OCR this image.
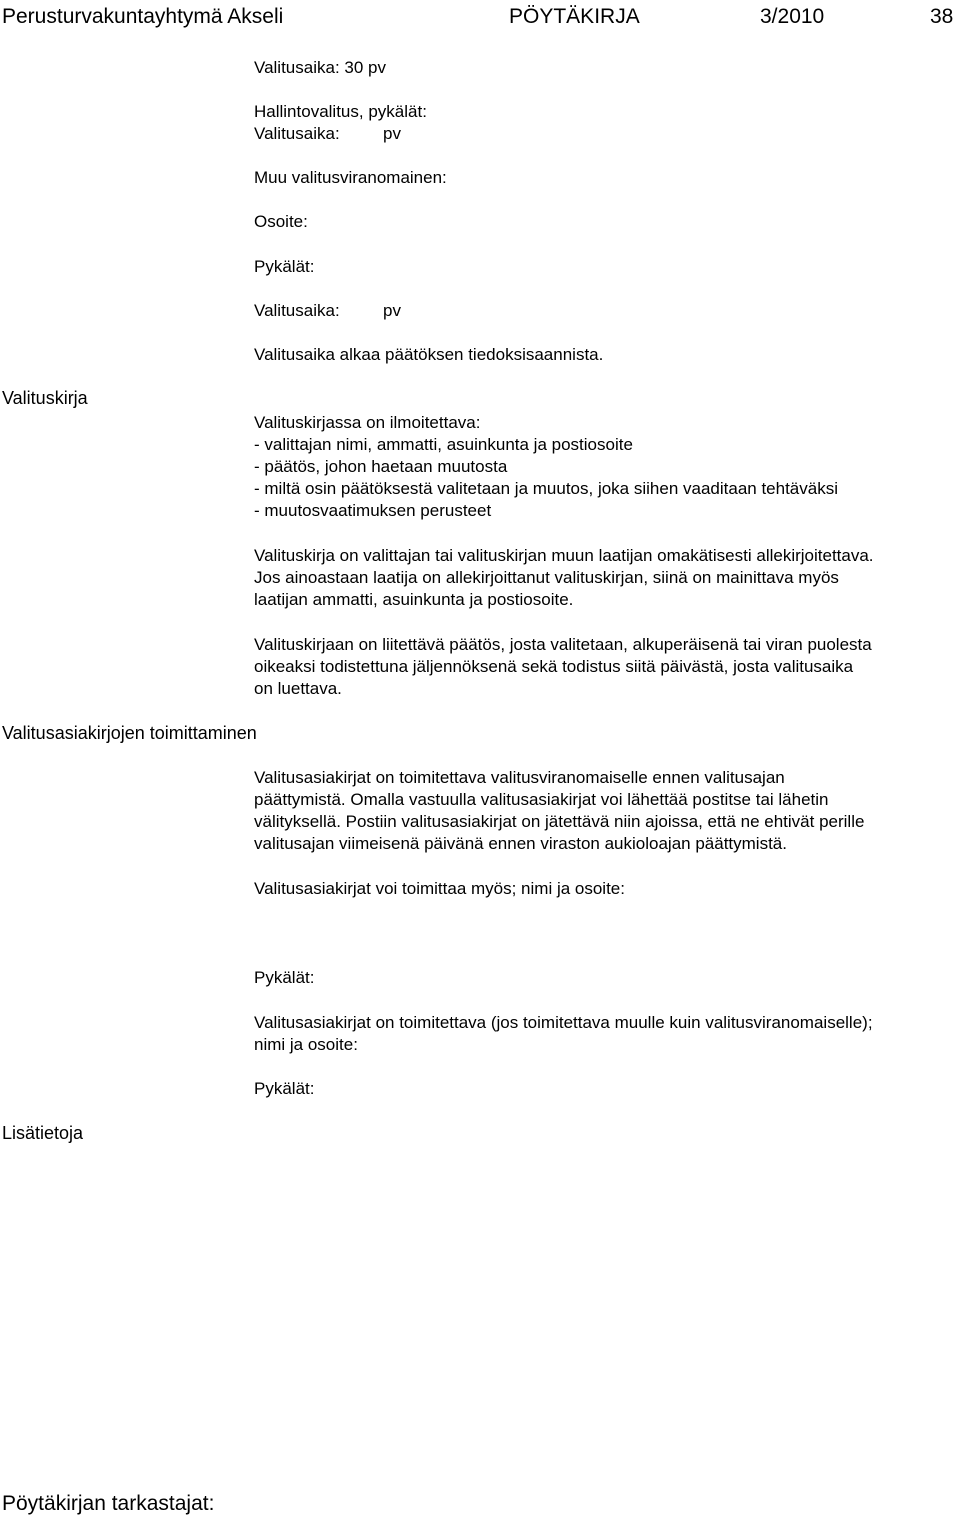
Perusturvakuntayhtymä Akseli	PÖYTÄKIRJA	3/2010	38
Valitusaika: 30 pv
Hallintovalitus, pykälät:
Valitusaika:	pv
Muu valitusviranomainen:
Osoite:
Pykälät:
Valitusaika:	pv
Valitusaika alkaa päätöksen tiedoksisaannista.
Valituskirja
Valituskirjassa on ilmoitettava:
- valittajan nimi, ammatti, asuinkunta ja postiosoite
- päätös, johon haetaan muutosta
- miltä osin päätöksestä valitetaan ja muutos, joka siihen vaaditaan tehtäväksi
- muutosvaatimuksen perusteet
Valituskirja on valittajan tai valituskirjan muun laatijan omakätisesti allekirjoitettava.
Jos ainoastaan laatija on allekirjoittanut valituskirjan, siinä on mainittava myös
laatijan ammatti, asuinkunta ja postiosoite.
Valituskirjaan on liitettävä päätös, josta valitetaan, alkuperäisenä tai viran puolesta
oikeaksi todistettuna jäljennöksenä sekä todistus siitä päivästä, josta valitusaika
on luettava.
Valitusasiakirjojen toimittaminen
Valitusasiakirjat on toimitettava valitusviranomaiselle ennen valitusajan
päättymistä. Omalla vastuulla valitusasiakirjat voi lähettää postitse tai lähetin
välityksellä. Postiin valitusasiakirjat on jätettävä niin ajoissa, että ne ehtivät perille
valitusajan viimeisenä päivänä ennen viraston aukioloajan päättymistä.
Valitusasiakirjat voi toimittaa myös; nimi ja osoite:
Pykälät:
Valitusasiakirjat on toimitettava (jos toimitettava muulle kuin valitusviranomaiselle);
nimi ja osoite:
Pykälät:
Lisätietoja
Pöytäkirjan tarkastajat:
